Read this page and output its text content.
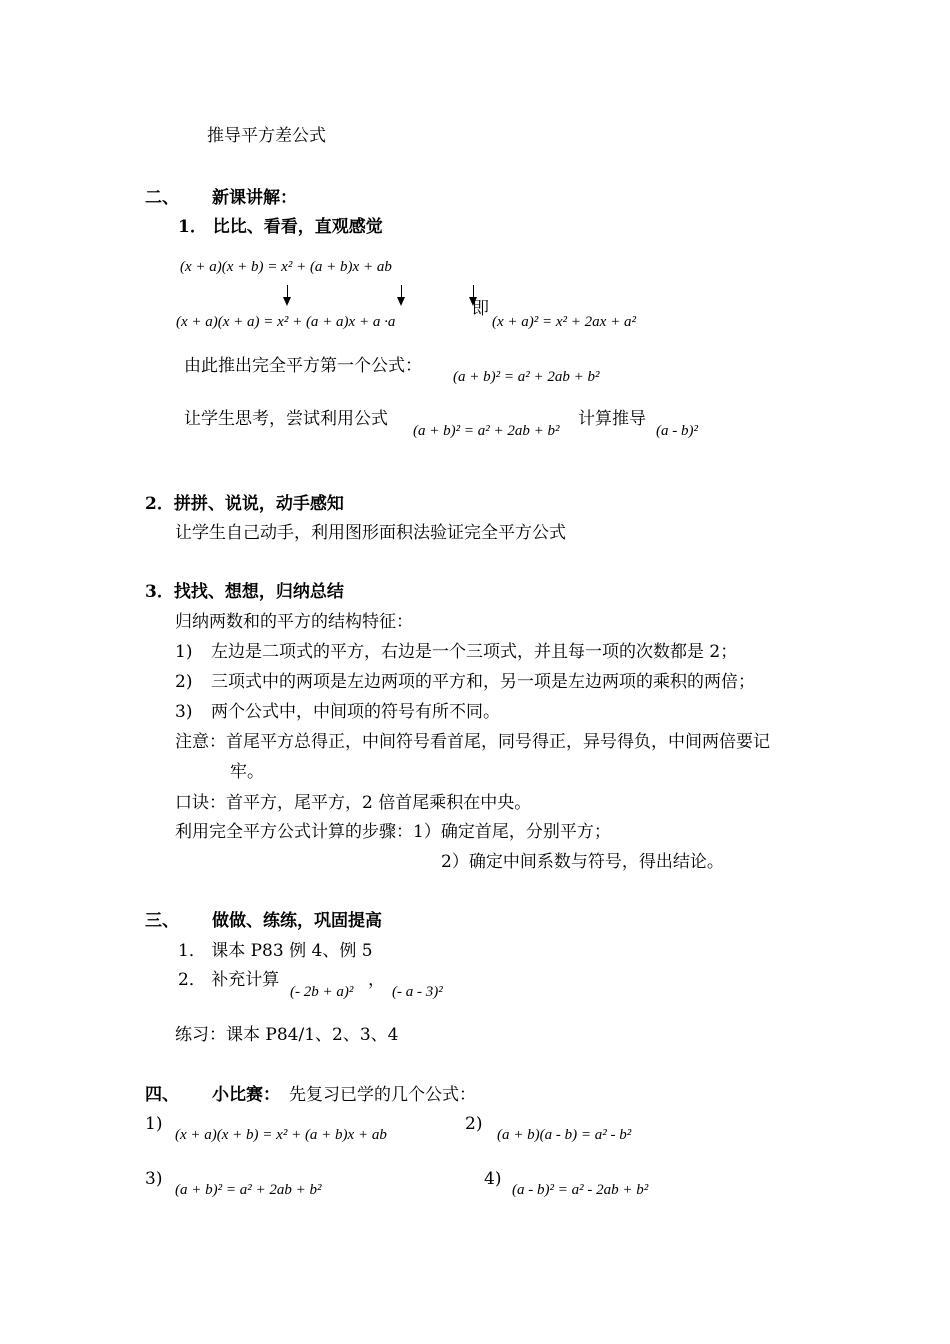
推导平方差公式
二、 新课讲解：
1． 比比、看看，直观感觉
(x + a)(x + b) = x² + (a + b)x + ab
(x + a)(x + a) = x² + (a + a)x + a ·a
即
(x + a)² = x² + 2ax + a²
由此推出完全平方第一个公式：
(a + b)² = a² + 2ab + b²
让学生思考，尝试利用公式
(a + b)² = a² + 2ab + b²
计算推导
(a - b)²
2．拼拼、说说，动手感知
让学生自己动手，利用图形面积法验证完全平方公式
3．找找、想想，归纳总结
归纳两数和的平方的结构特征：
1) 左边是二项式的平方，右边是一个三项式，并且每一项的次数都是 2；
2) 三项式中的两项是左边两项的平方和，另一项是左边两项的乘积的两倍；
3) 两个公式中，中间项的符号有所不同。
注意：首尾平方总得正，中间符号看首尾，同号得正，异号得负，中间两倍要记
牢。
口诀：首平方，尾平方，2 倍首尾乘积在中央。
利用完全平方公式计算的步骤：1）确定首尾，分别平方；
2）确定中间系数与符号，得出结论。
三、 做做、练练，巩固提高
1． 课本 P83 例 4、例 5
2． 补充计算
(- 2b + a)²
，
(- a - 3)²
练习：课本 P84/1、2、3、4
四、 小比赛： 先复习已学的几个公式：
1)
(x + a)(x + b) = x² + (a + b)x + ab
2)
(a + b)(a - b) = a² - b²
3)
(a + b)² = a² + 2ab + b²
4)
(a - b)² = a² - 2ab + b²
